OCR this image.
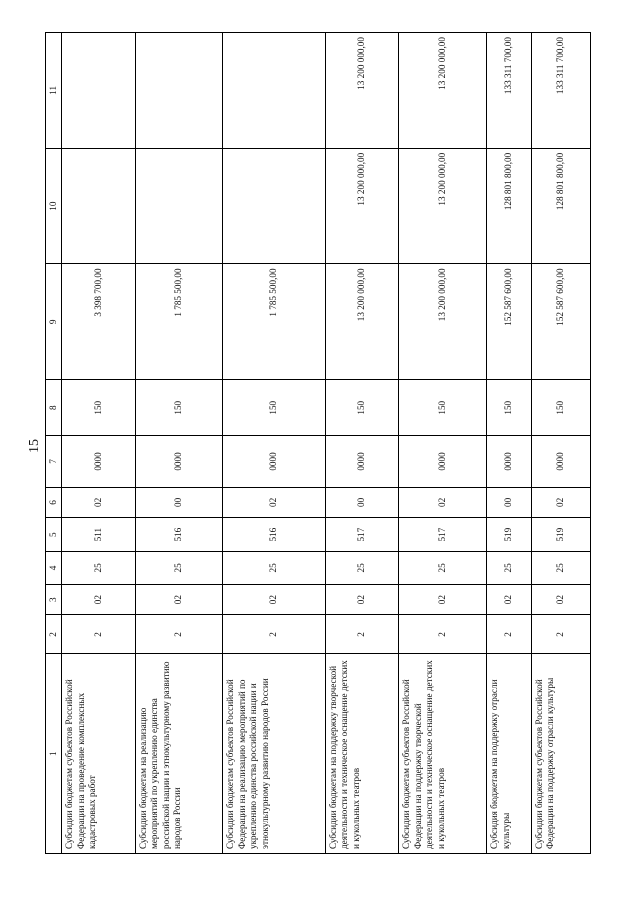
15
1	2	3	4	5	6	7	8	9	10	11
Субсидии бюджетам субъектов Российской Федерации на проведение комплексных кадастровых работ	2	02	25	511	02	0000	150	3 398 700,00		
Субсидии бюджетам на реализацию мероприятий по укреплению единства российской нации и этнокультурному развитию народов России	2	02	25	516	00	0000	150	1 785 500,00		
Субсидии бюджетам субъектов Российской Федерации на реализацию мероприятий по укреплению единства российской нации и этнокультурному развитию народов России	2	02	25	516	02	0000	150	1 785 500,00		
Субсидии бюджетам на поддержку творческой деятельности и техническое оснащение детских и кукольных театров	2	02	25	517	00	0000	150	13 200 000,00	13 200 000,00	13 200 000,00
Субсидии бюджетам субъектов Российской Федерации на поддержку творческой деятельности и техническое оснащение детских и кукольных театров	2	02	25	517	02	0000	150	13 200 000,00	13 200 000,00	13 200 000,00
Субсидия бюджетам на поддержку отрасли культуры	2	02	25	519	00	0000	150	152 587 600,00	128 801 800,00	133 311 700,00
Субсидии бюджетам субъектов Российской Федерации на поддержку отрасли культуры	2	02	25	519	02	0000	150	152 587 600,00	128 801 800,00	133 311 700,00
